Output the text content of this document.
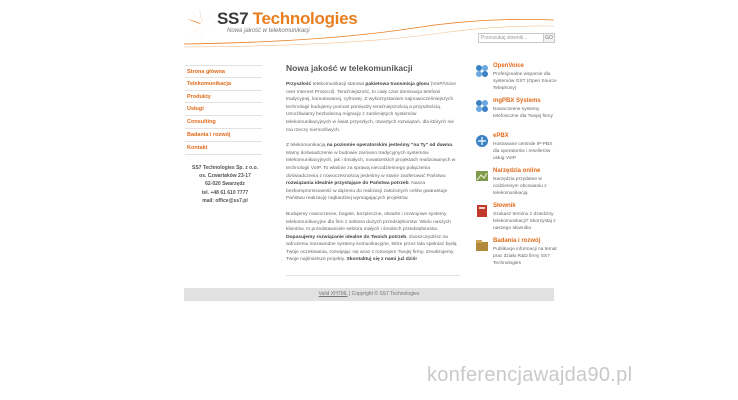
SS7 Technologies
Nowa jakość w telekomunikacji
Przeszukaj słownik...	GO
Strona główna
Telekomunikacja
Produkty
Usługi
Consulting
Badania i rozwój
Kontakt
SS7 Technologies Sp. z o.o.
os. Czwartaków 23-17
62-020 Swarzędz
tel. +48 61 610 7777
mail: office@ss7.pl
Nowa jakość w telekomunikacji

Przyszłość telekomunikacji stanowi pakietowa transmisja głosu (VoIP/Voice over Internet Protocol). Teraźniejszość, to ciały czas dominacja telefonii tradycyjnej, komutowanej, cyfrowej. Z wykorzystaniem najnowocześniejszych technologii budujemy pomost pomiędzy teraźniejszością a przyszłością. Umożliwiamy bezbolesną migrację z zamkniętych systemów telekomunikacyjnych w świat przyszłych, otwartych rozwiązań, dla których nie ma rzeczy niemożliwych.

Z telekomunikacją na poziomie operatorskim jesteśmy "na Ty" od dawna. Mamy doświadczenie w budowie zarówno tradycyjnych systemów telekomunikacyjnych, jak i śmiałych, nowatorskich projektach realizowanych w technologii VoIP. To właśnie za sprawą niecodziennego połączenia doświadczenia z nowoczesnością jesteśmy w stanie zaoferować Państwu rozwiązania idealnie przystające do Państwa potrzeb. Nasza bezkompromisowość w dążeniu do realizacji założonych celów gwarantuje Państwu realizację najbardziej wymagających projektów.

Budujemy nowoczesne, bogate, bezpieczne, otwarte i rozwojowe systemy telekomunikacyjne dla firm z sektora dużych przedsiębiorstw. Wielu naszych klientów, to przedstawiciele sektora małych i średnich przedsiębiorstw. Dopasujemy rozwiązanie idealne do Twoich potrzeb. Zaoszczędzisz na wdrożeniu niezawodne systemy komunikacyjne, które przez lata spełniać będą Twoje oczekiwania, rozwijając się wraz z rozwojem Twojej firmy. Zrealizujemy Twoje najśmielsze projekty. Skontaktuj się z nami już dziś!

OpenVoice
Profesjonalne wsparcie dla systemów GST (Open Source Telephony)
mgPBX Systems
Nowoczesne systemy telefoniczne dla Twojej firmy
ePBX
Hostowane centrale IP-PBX dla operatorów i resellerów usług VoIP
Narzędzia online
Narzędzia przydatne w codziennym obcowaniu z telekomunikacją
Słownik
Szukasz terminu z dziedziny telekomunikacji? Skorzystaj z naszego słownika
Badania i rozwój
Publikacje informacji na temat prac działu R&D firmy SS7 Technologies
Valid XHTML | Copyright © SS7 Technologies
konferencjawajda90.pl
